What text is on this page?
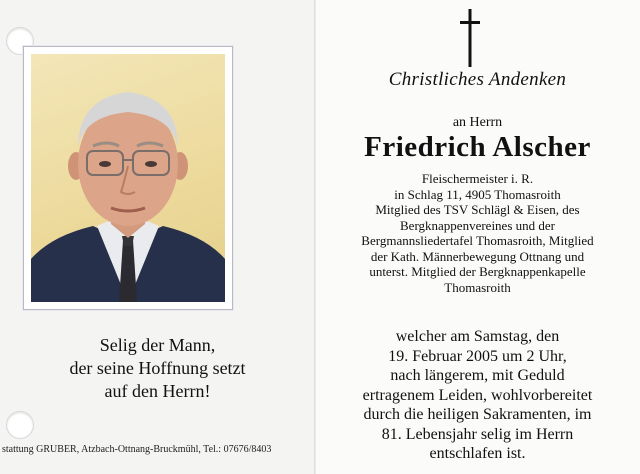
Selig der Mann,
der seine Hoffnung setzt
auf den Herrn!
stattung GRUBER, Atzbach-Ottnang-Bruckmühl, Tel.: 07676/8403
Christliches Andenken
an Herrn
Friedrich Alscher
Fleischermeister i. R.
in Schlag 11, 4905 Thomasroith
Mitglied des TSV Schlägl & Eisen, des
Bergknappenvereines und der
Bergmannsliedertafel Thomasroith, Mitglied
der Kath. Männerbewegung Ottnang und
unterst. Mitglied der Bergknappenkapelle
Thomasroith
welcher am Samstag, den
19. Februar 2005 um 2 Uhr,
nach längerem, mit Geduld
ertragenem Leiden, wohlvorbereitet
durch die heiligen Sakramenten, im
81. Lebensjahr selig im Herrn
entschlafen ist.
